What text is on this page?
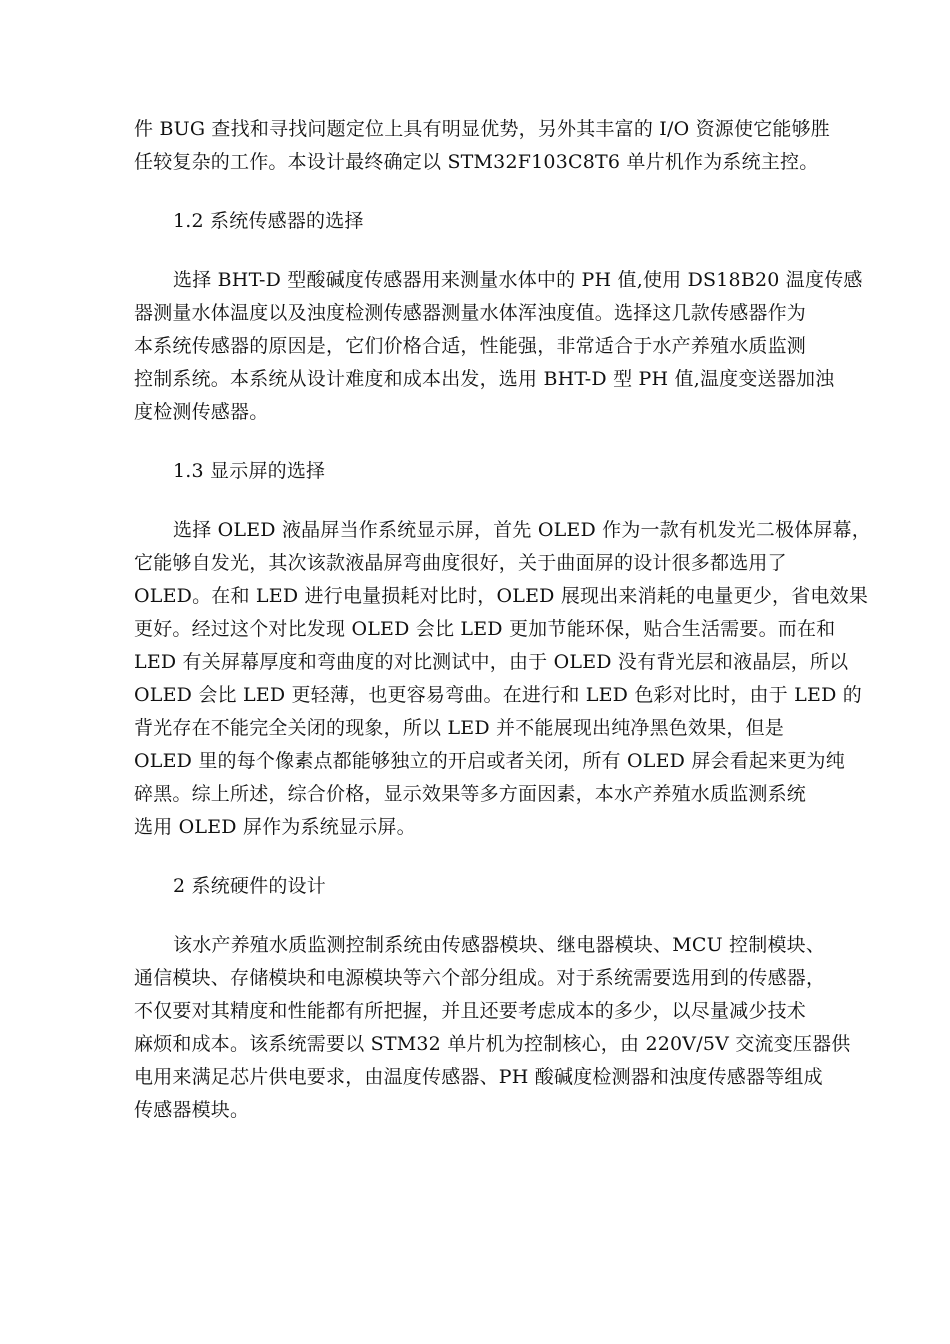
件 BUG 查找和寻找问题定位上具有明显优势，另外其丰富的 I/O 资源使它能够胜
任较复杂的工作。本设计最终确定以 STM32F103C8T6 单片机作为系统主控。
1.2 系统传感器的选择
选择 BHT-D 型酸碱度传感器用来测量水体中的 PH 值,使用 DS18B20 温度传感
器测量水体温度以及浊度检测传感器测量水体浑浊度值。选择这几款传感器作为
本系统传感器的原因是，它们价格合适，性能强，非常适合于水产养殖水质监测
控制系统。本系统从设计难度和成本出发，选用 BHT-D 型 PH 值,温度变送器加浊
度检测传感器。
1.3 显示屏的选择
选择 OLED 液晶屏当作系统显示屏，首先 OLED 作为一款有机发光二极体屏幕，
它能够自发光，其次该款液晶屏弯曲度很好，关于曲面屏的设计很多都选用了
OLED。在和 LED 进行电量损耗对比时，OLED 展现出来消耗的电量更少，省电效果
更好。经过这个对比发现 OLED 会比 LED 更加节能环保，贴合生活需要。而在和
LED 有关屏幕厚度和弯曲度的对比测试中，由于 OLED 没有背光层和液晶层，所以
OLED 会比 LED 更轻薄，也更容易弯曲。在进行和 LED 色彩对比时，由于 LED 的
背光存在不能完全关闭的现象，所以 LED 并不能展现出纯净黑色效果，但是
OLED 里的每个像素点都能够独立的开启或者关闭，所有 OLED 屏会看起来更为纯
碎黑。综上所述，综合价格，显示效果等多方面因素，本水产养殖水质监测系统
选用 OLED 屏作为系统显示屏。
2 系统硬件的设计
该水产养殖水质监测控制系统由传感器模块、继电器模块、MCU 控制模块、
通信模块、存储模块和电源模块等六个部分组成。对于系统需要选用到的传感器，
不仅要对其精度和性能都有所把握，并且还要考虑成本的多少，以尽量减少技术
麻烦和成本。该系统需要以 STM32 单片机为控制核心，由 220V/5V 交流变压器供
电用来满足芯片供电要求，由温度传感器、PH 酸碱度检测器和浊度传感器等组成
传感器模块。
